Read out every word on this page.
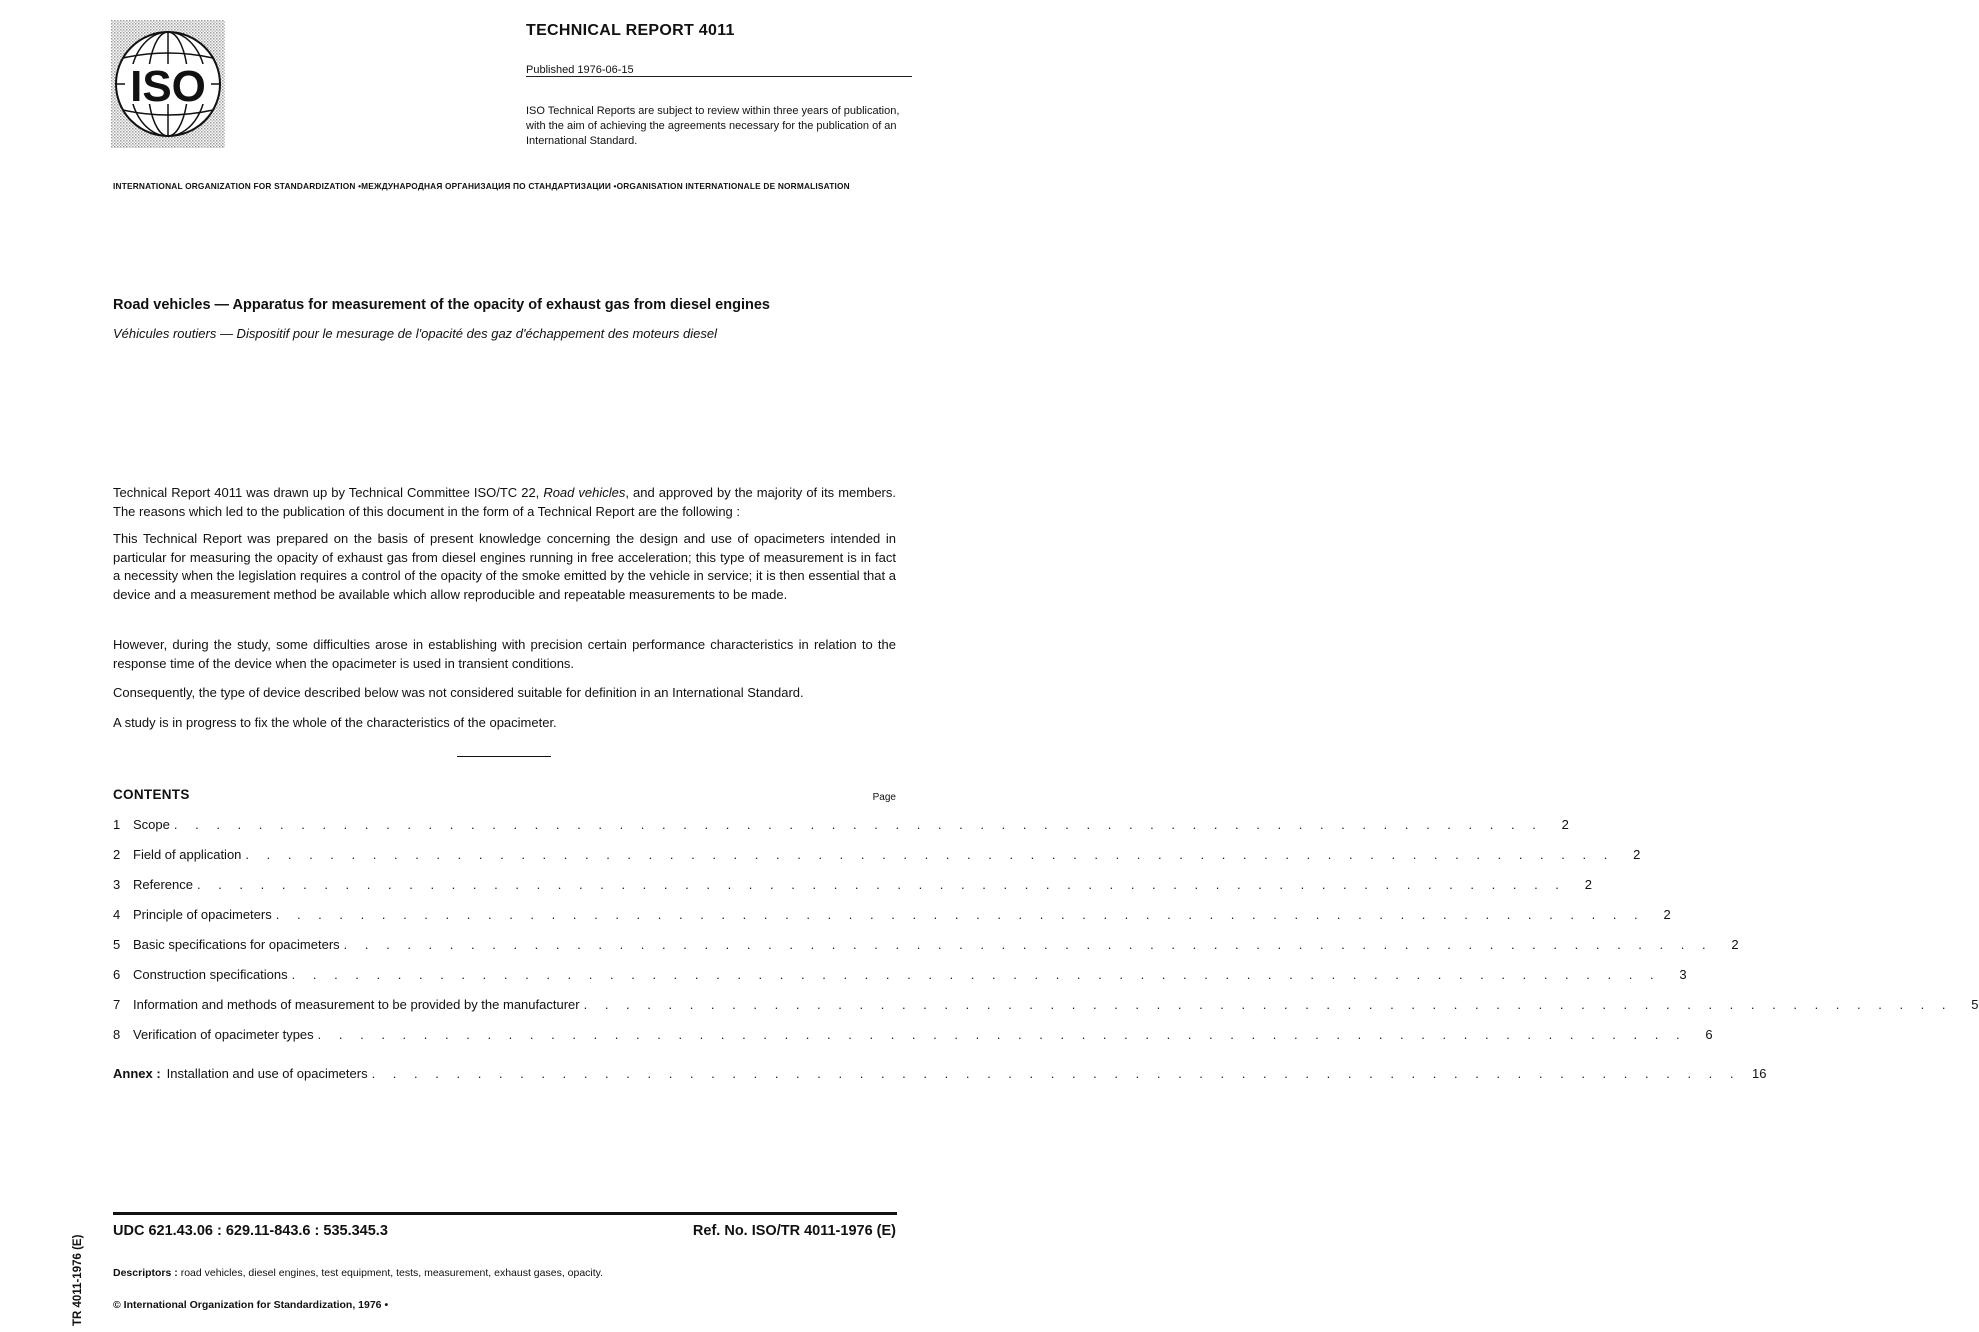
ISO
TECHNICAL REPORT 4011
Published 1976-06-15
ISO Technical Reports are subject to review within three years of publication, with the aim of achieving the agreements necessary for the publication of an International Standard.
INTERNATIONAL ORGANIZATION FOR STANDARDIZATION •МЕЖДУНАРОДНАЯ ОРГАНИЗАЦИЯ ПО СТАНДАРТИЗАЦИИ •ORGANISATION INTERNATIONALE DE NORMALISATION
Road vehicles — Apparatus for measurement of the opacity of exhaust gas from diesel engines
Véhicules routiers — Dispositif pour le mesurage de l'opacité des gaz d'échappement des moteurs diesel
Technical Report 4011 was drawn up by Technical Committee ISO/TC 22, Road vehicles, and approved by the majority of its members. The reasons which led to the publication of this document in the form of a Technical Report are the following :
This Technical Report was prepared on the basis of present knowledge concerning the design and use of opacimeters intended in particular for measuring the opacity of exhaust gas from diesel engines running in free acceleration; this type of measurement is in fact a necessity when the legislation requires a control of the opacity of the smoke emitted by the vehicle in service; it is then essential that a device and a measurement method be available which allow reproducible and repeatable measurements to be made.
However, during the study, some difficulties arose in establishing with precision certain performance characteristics in relation to the response time of the device when the opacimeter is used in transient conditions.
Consequently, the type of device described below was not considered suitable for definition in an International Standard.
A study is in progress to fix the whole of the characteristics of the opacimeter.
CONTENTS	Page
1 Scope . . . . . . . . . . . . . . . . . . . . . . . . . . . . . . . . . . . . . . . . . . . . . . . . . . . . . . . . . . . . . . . . .	2
2 Field of application . . . . . . . . . . . . . . . . . . . . . . . . . . . . . . . . . . . . . . . . . . . . . . . . . . . . . . . . . . . . . . . . .	2
3 Reference . . . . . . . . . . . . . . . . . . . . . . . . . . . . . . . . . . . . . . . . . . . . . . . . . . . . . . . . . . . . . . . . .	2
4 Principle of opacimeters . . . . . . . . . . . . . . . . . . . . . . . . . . . . . . . . . . . . . . . . . . . . . . . . . . . . . . . . . . . . . . . . .	2
5 Basic specifications for opacimeters . . . . . . . . . . . . . . . . . . . . . . . . . . . . . . . . . . . . . . . . . . . . . . . . . . . . . . . . . . . . . . . . .	2
6 Construction specifications . . . . . . . . . . . . . . . . . . . . . . . . . . . . . . . . . . . . . . . . . . . . . . . . . . . . . . . . . . . . . . . . .	3
7 Information and methods of measurement to be provided by the manufacturer . . . . . . . . . . . . . . . . . . . . . . . . . . . . . . . . . . . . . . . . . . . . . . . . . . . . . . . . . . . . . . . . .	5
8 Verification of opacimeter types . . . . . . . . . . . . . . . . . . . . . . . . . . . . . . . . . . . . . . . . . . . . . . . . . . . . . . . . . . . . . . . . .	6
Annex : Installation and use of opacimeters . . . . . . . . . . . . . . . . . . . . . . . . . . . . . . . . . . . . . . . . . . . . . . . . . . . . . . . . . . . . . . . . . 16
TR 4011-1976 (E)
UDC 621.43.06 : 629.11-843.6 : 535.345.3	Ref. No. ISO/TR 4011-1976 (E)
Descriptors : road vehicles, diesel engines, test equipment, tests, measurement, exhaust gases, opacity.
© International Organization for Standardization, 1976 •
